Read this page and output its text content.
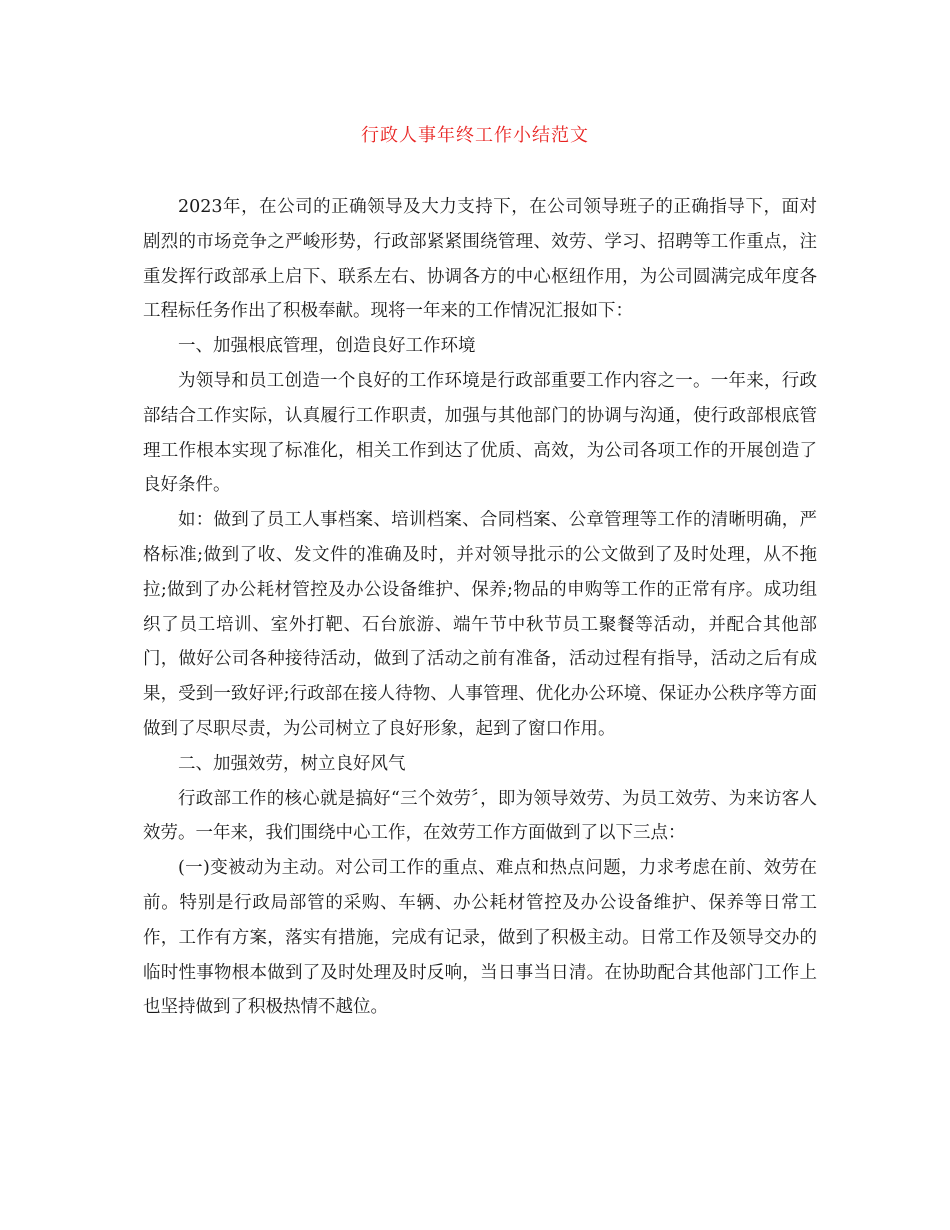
行政人事年终工作小结范文

2023年，在公司的正确领导及大力支持下，在公司领导班子的正确指导下，面对剧烈的市场竞争之严峻形势，行政部紧紧围绕管理、效劳、学习、招聘等工作重点，注重发挥行政部承上启下、联系左右、协调各方的中心枢纽作用，为公司圆满完成年度各工程标任务作出了积极奉献。现将一年来的工作情况汇报如下：

一、加强根底管理，创造良好工作环境

为领导和员工创造一个良好的工作环境是行政部重要工作内容之一。一年来，行政部结合工作实际，认真履行工作职责，加强与其他部门的协调与沟通，使行政部根底管理工作根本实现了标准化，相关工作到达了优质、高效，为公司各项工作的开展创造了良好条件。

如：做到了员工人事档案、培训档案、合同档案、公章管理等工作的清晰明确，严格标准;做到了收、发文件的准确及时，并对领导批示的公文做到了及时处理，从不拖拉;做到了办公耗材管控及办公设备维护、保养;物品的申购等工作的正常有序。成功组织了员工培训、室外打靶、石台旅游、端午节中秋节员工聚餐等活动，并配合其他部门，做好公司各种接待活动，做到了活动之前有准备，活动过程有指导，活动之后有成果，受到一致好评;行政部在接人待物、人事管理、优化办公环境、保证办公秩序等方面做到了尽职尽责，为公司树立了良好形象，起到了窗口作用。

二、加强效劳，树立良好风气

行政部工作的核心就是搞好“三个效劳〞，即为领导效劳、为员工效劳、为来访客人效劳。一年来，我们围绕中心工作，在效劳工作方面做到了以下三点：

(一)变被动为主动。对公司工作的重点、难点和热点问题，力求考虑在前、效劳在前。特别是行政局部管的采购、车辆、办公耗材管控及办公设备维护、保养等日常工作，工作有方案，落实有措施，完成有记录，做到了积极主动。日常工作及领导交办的临时性事物根本做到了及时处理及时反响，当日事当日清。在协助配合其他部门工作上也坚持做到了积极热情不越位。
